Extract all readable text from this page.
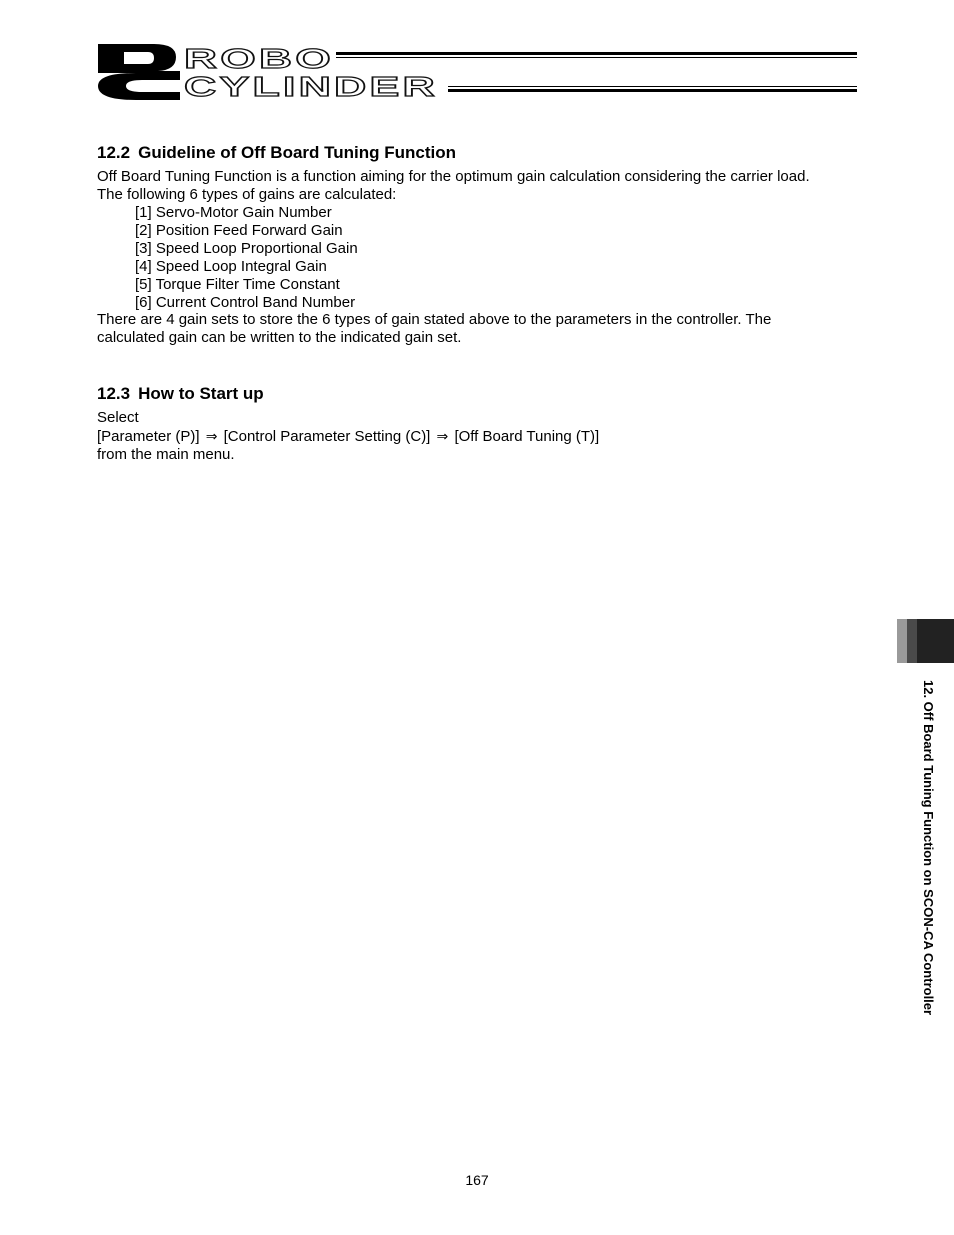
ROBO
CYLINDER
12.2 Guideline of Off Board Tuning Function
Off Board Tuning Function is a function aiming for the optimum gain calculation considering the carrier load.
The following 6 types of gains are calculated:
[1] Servo-Motor Gain Number
[2] Position Feed Forward Gain
[3] Speed Loop Proportional Gain
[4] Speed Loop Integral Gain
[5] Torque Filter Time Constant
[6] Current Control Band Number
There are 4 gain sets to store the 6 types of gain stated above to the parameters in the controller. The
calculated gain can be written to the indicated gain set.
12.3 How to Start up
Select
[Parameter (P)] ⇒ [Control Parameter Setting (C)] ⇒ [Off Board Tuning (T)]
from the main menu.
12. Off Board Tuning Function on SCON-CA Controller
167
